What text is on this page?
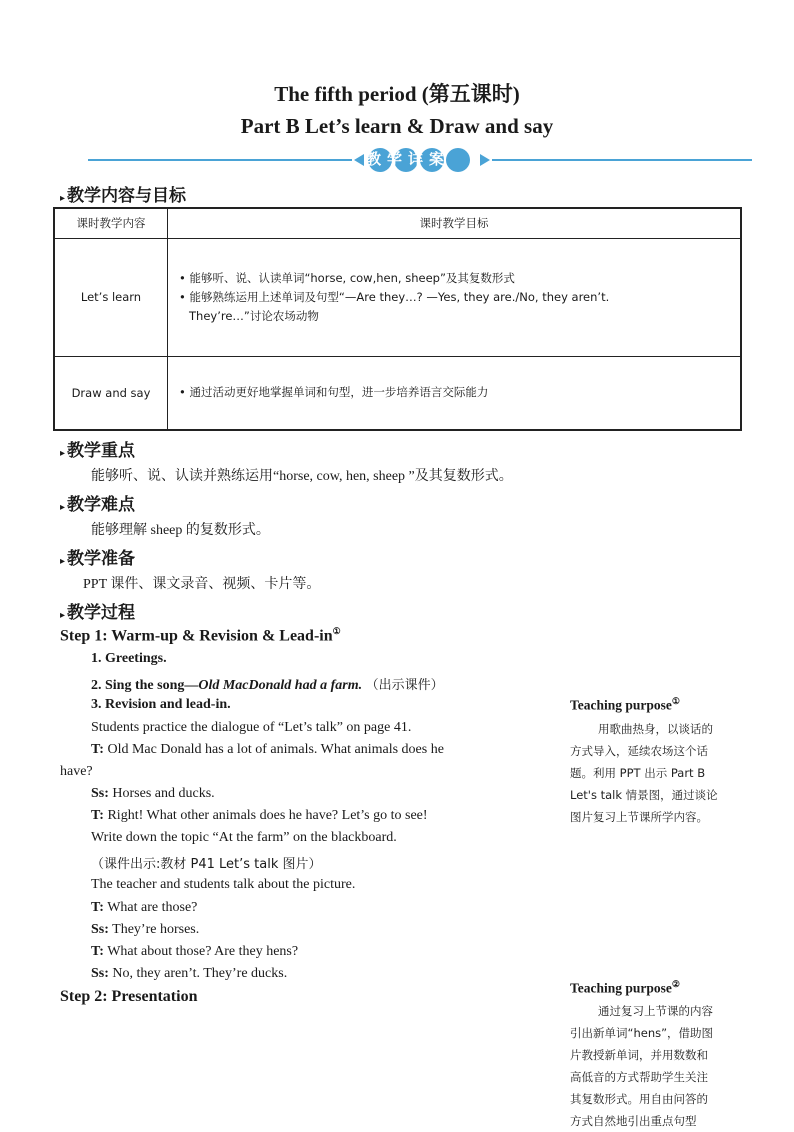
The fifth period (第五课时)
Part B Let’s learn & Draw and say
教学详案
▸ 教学内容与目标
课时教学内容	课时教学目标
Let’s learn	• 能够听、说、认读单词“horse, cow,hen, sheep”及其复数形式
• 能够熟练运用上述单词及句型“—Are they…? —Yes, they are./No, they aren’t.
They’re…”讨论农场动物

Draw and say	• 通过活动更好地掌握单词和句型，进一步培养语言交际能力
▸ 教学重点
能够听、说、认读并熟练运用“horse, cow, hen, sheep ”及其复数形式。
▸ 教学难点
能够理解 sheep 的复数形式。
▸ 教学准备
PPT 课件、课文录音、视频、卡片等。
▸ 教学过程
Step 1: Warm-up & Revision & Lead-in①
1. Greetings.
2. Sing the song—Old MacDonald had a farm. （出示课件）
3. Revision and lead-in.
Students practice the dialogue of “Let’s talk” on page 41.
T: Old Mac Donald has a lot of animals. What animals does he
have?
Ss: Horses and ducks.
T: Right! What other animals does he have? Let’s go to see!
Write down the topic “At the farm” on the blackboard.
（课件出示:教材 P41 Let’s talk 图片）
The teacher and students talk about the picture.
T: What are those?
Ss: They’re horses.
T: What about those? Are they hens?
Ss: No, they aren’t. They’re ducks.
Step 2: Presentation
Teaching purpose①
用歌曲热身，以谈话的
方式导入，延续农场这个话
题。利用 PPT 出示 Part B
Let's talk 情景图，通过谈论
图片复习上节课所学内容。
Teaching purpose②
通过复习上节课的内容
引出新单词“hens”，借助图
片教授新单词，并用数数和
高低音的方式帮助学生关注
其复数形式。用自由问答的
方式自然地引出重点句型
